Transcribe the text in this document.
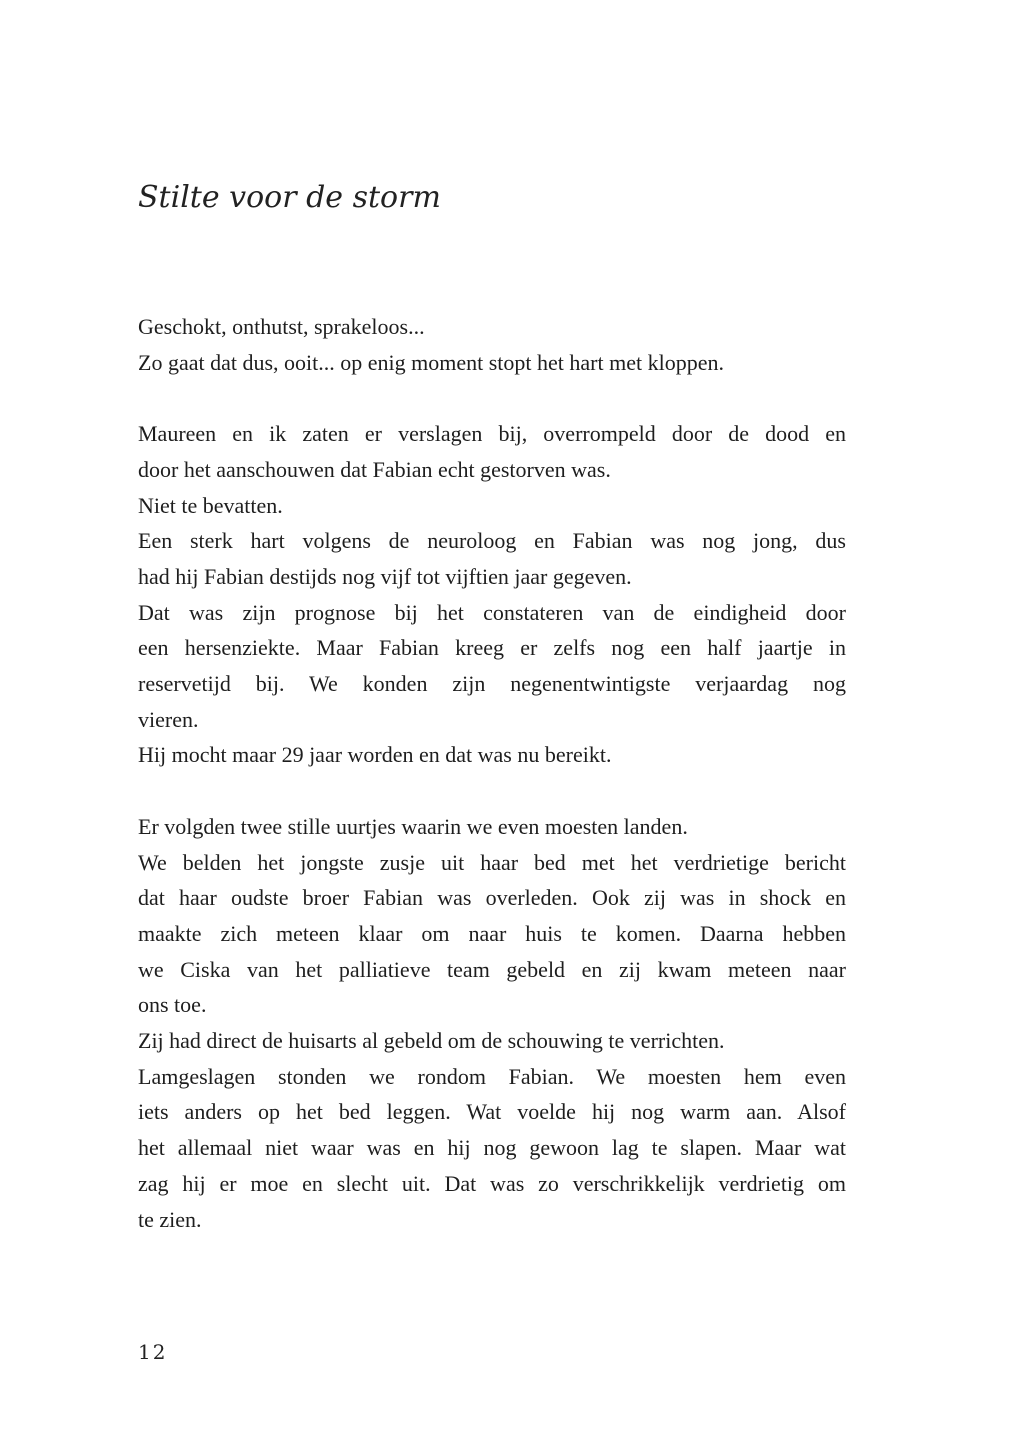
Stilte voor de storm

Geschokt, onthutst, sprakeloos...
Zo gaat dat dus, ooit... op enig moment stopt het hart met kloppen.

Maureen en ik zaten er verslagen bij, overrompeld door de dood en
door het aanschouwen dat Fabian echt gestorven was.
Niet te bevatten.
Een sterk hart volgens de neuroloog en Fabian was nog jong, dus
had hij Fabian destijds nog vijf tot vijftien jaar gegeven.
Dat was zijn prognose bij het constateren van de eindigheid door
een hersenziekte. Maar Fabian kreeg er zelfs nog een half jaartje in
reservetijd bij. We konden zijn negenentwintigste verjaardag nog
vieren.
Hij mocht maar 29 jaar worden en dat was nu bereikt.

Er volgden twee stille uurtjes waarin we even moesten landen.
We belden het jongste zusje uit haar bed met het verdrietige bericht
dat haar oudste broer Fabian was overleden. Ook zij was in shock en
maakte zich meteen klaar om naar huis te komen. Daarna hebben
we Ciska van het palliatieve team gebeld en zij kwam meteen naar
ons toe.
Zij had direct de huisarts al gebeld om de schouwing te verrichten.
Lamgeslagen stonden we rondom Fabian. We moesten hem even
iets anders op het bed leggen. Wat voelde hij nog warm aan. Alsof
het allemaal niet waar was en hij nog gewoon lag te slapen. Maar wat
zag hij er moe en slecht uit. Dat was zo verschrikkelijk verdrietig om
te zien.

12
